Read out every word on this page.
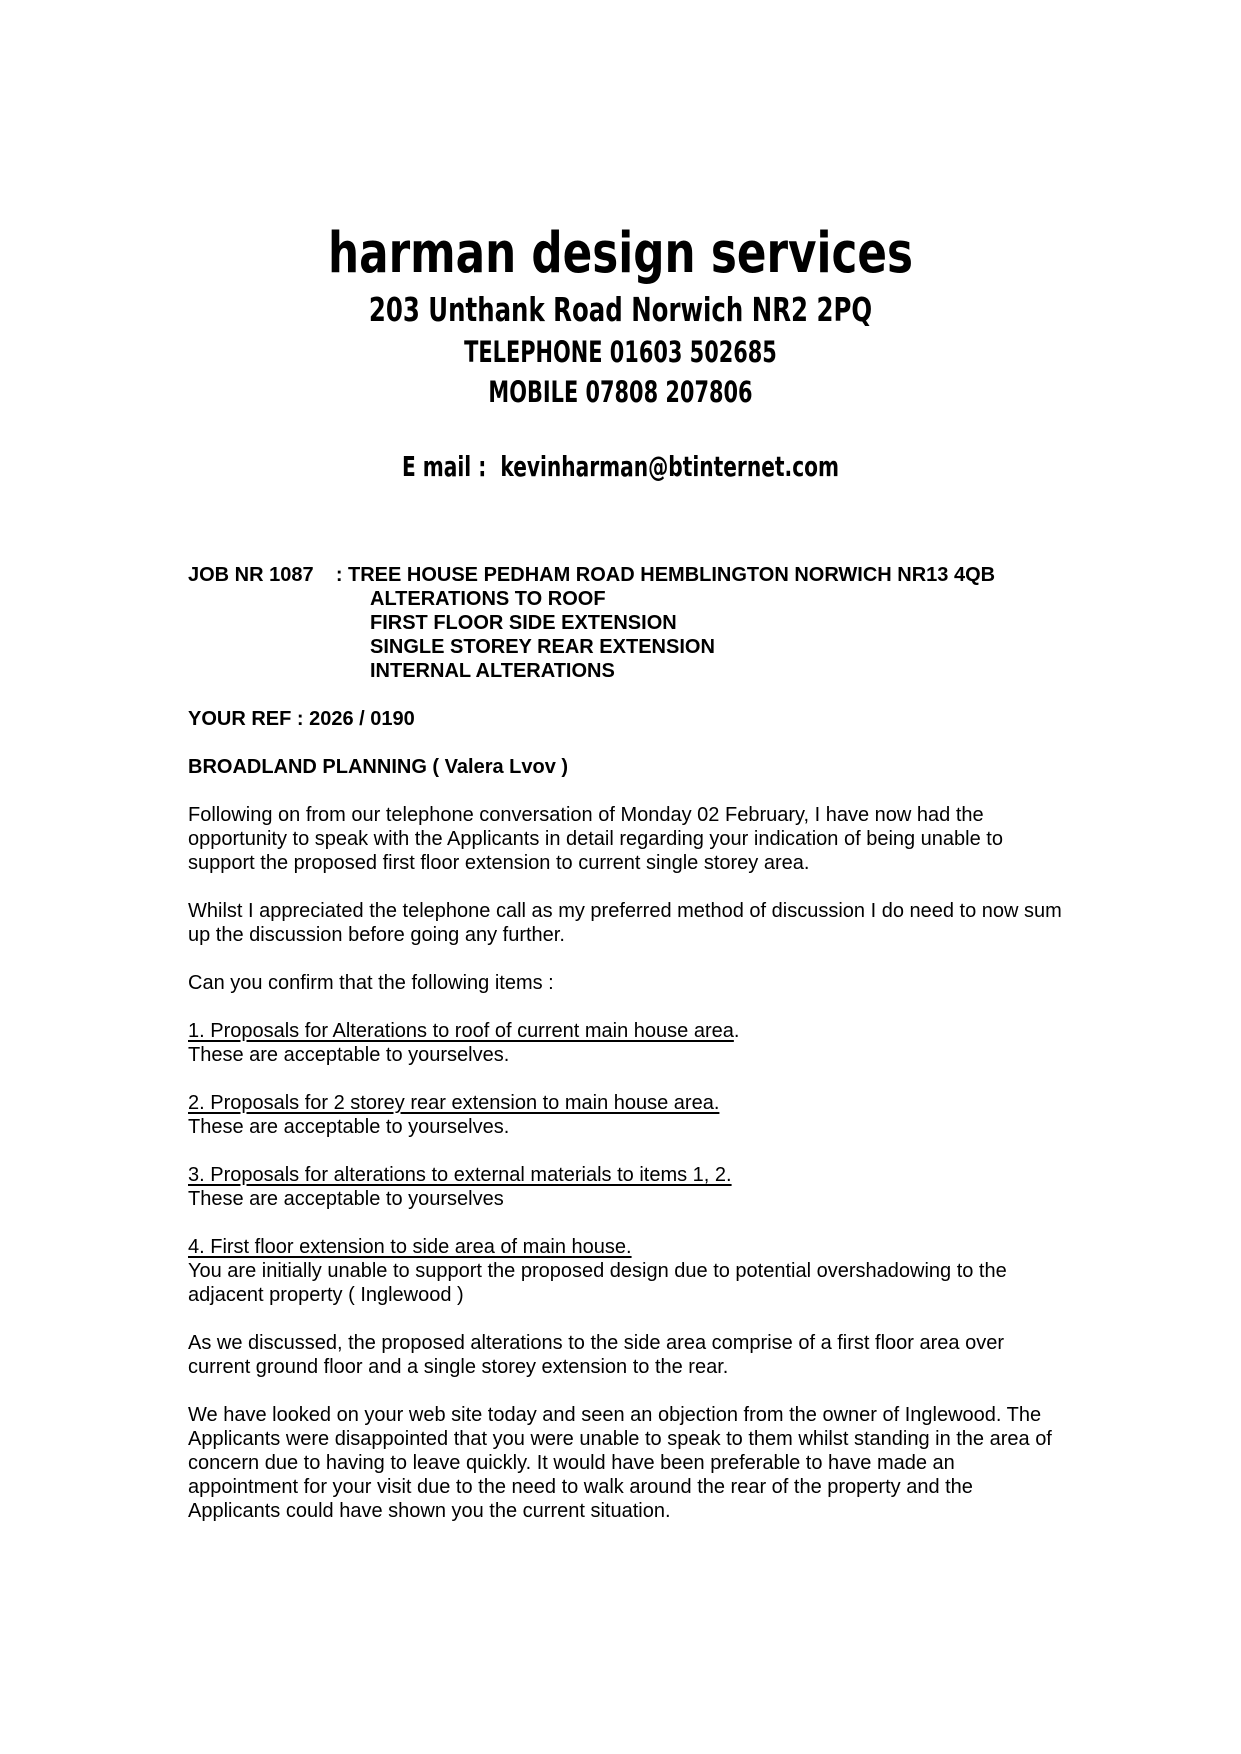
harman design services
203 Unthank Road Norwich NR2 2PQ
TELEPHONE 01603 502685
MOBILE 07808 207806
E mail : kevinharman@btinternet.com
JOB NR 1087    : TREE HOUSE PEDHAM ROAD HEMBLINGTON NORWICH NR13 4QB
ALTERATIONS TO ROOF
FIRST FLOOR SIDE EXTENSION
SINGLE STOREY REAR EXTENSION
INTERNAL ALTERATIONS
YOUR REF : 2026 / 0190
BROADLAND PLANNING ( Valera Lvov )
Following on from our telephone conversation of Monday 02 February, I have now had the opportunity to speak with the Applicants in detail regarding your indication of being unable to support the proposed first floor extension to current single storey area.
Whilst I appreciated the telephone call as my preferred method of discussion I do need to now sum up the discussion before going any further.
Can you confirm that the following items :
1. Proposals for Alterations to roof of current main house area.
These are acceptable to yourselves.
2. Proposals for 2 storey rear extension to main house area.
These are acceptable to yourselves.
3. Proposals for alterations to external materials to items 1, 2.
These are acceptable to yourselves
4. First floor extension to side area of main house.
You are initially unable to support the proposed design due to potential overshadowing to the adjacent property ( Inglewood )
As we discussed, the proposed alterations to the side area comprise of a first floor area over current ground floor and a single storey extension to the rear.
We have looked on your web site today and seen an objection from the owner of Inglewood. The Applicants were disappointed that you were unable to speak to them whilst standing in the area of concern due to having to leave quickly. It would have been preferable to have made an appointment for your visit due to the need to walk around the rear of the property and the Applicants could have shown you the current situation.
